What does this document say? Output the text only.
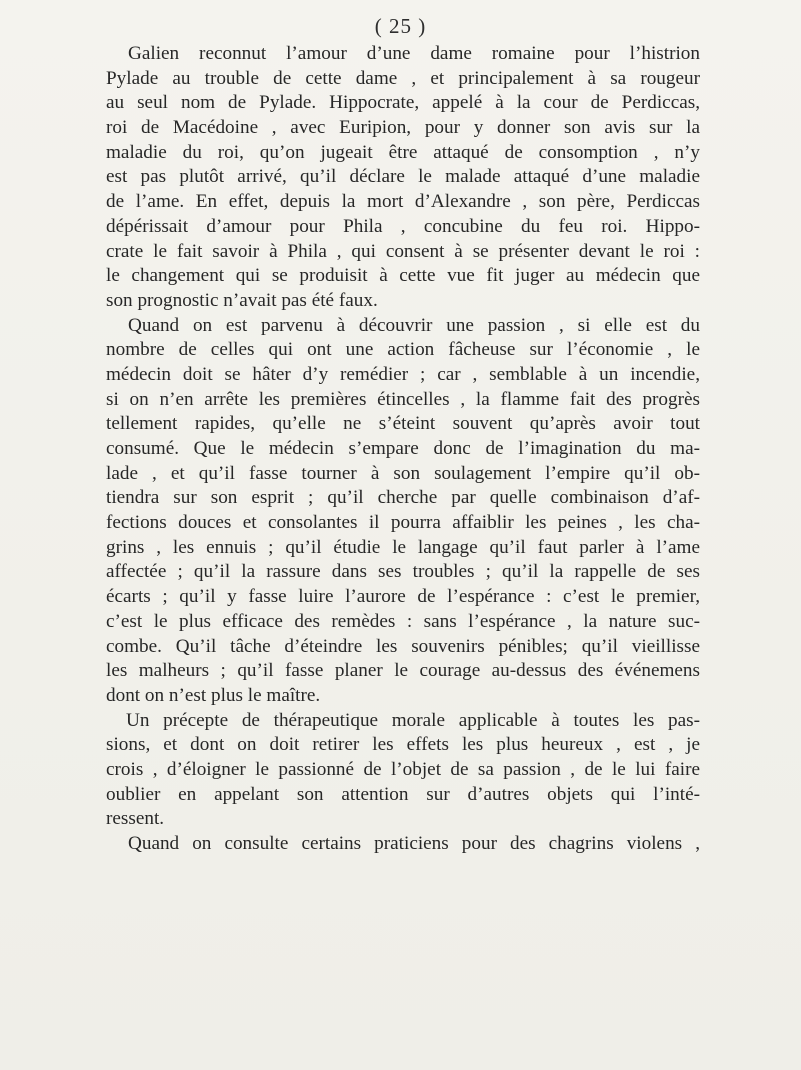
( 25 )
Galien reconnut l’amour d’une dame romaine pour l’histrion
Pylade au trouble de cette dame , et principalement à sa rougeur
au seul nom de Pylade. Hippocrate, appelé à la cour de Perdiccas,
roi de Macédoine , avec Euripion, pour y donner son avis sur la
maladie du roi, qu’on jugeait être attaqué de consomption , n’y
est pas plutôt arrivé, qu’il déclare le malade attaqué d’une maladie
de l’ame. En effet, depuis la mort d’Alexandre , son père, Perdiccas
dépérissait d’amour pour Phila , concubine du feu roi. Hippo-
crate le fait savoir à Phila , qui consent à se présenter devant le roi :
le changement qui se produisit à cette vue fit juger au médecin que
son prognostic n’avait pas été faux.
Quand on est parvenu à découvrir une passion , si elle est du
nombre de celles qui ont une action fâcheuse sur l’économie , le
médecin doit se hâter d’y remédier ; car , semblable à un incendie,
si on n’en arrête les premières étincelles , la flamme fait des progrès
tellement rapides, qu’elle ne s’éteint souvent qu’après avoir tout
consumé. Que le médecin s’empare donc de l’imagination du ma-
lade , et qu’il fasse tourner à son soulagement l’empire qu’il ob-
tiendra sur son esprit ; qu’il cherche par quelle combinaison d’af-
fections douces et consolantes il pourra affaiblir les peines , les cha-
grins , les ennuis ; qu’il étudie le langage qu’il faut parler à l’ame
affectée ; qu’il la rassure dans ses troubles ; qu’il la rappelle de ses
écarts ; qu’il y fasse luire l’aurore de l’espérance : c’est le premier,
c’est le plus efficace des remèdes : sans l’espérance , la nature suc-
combe. Qu’il tâche d’éteindre les souvenirs pénibles; qu’il vieillisse
les malheurs ; qu’il fasse planer le courage au-dessus des événemens
dont on n’est plus le maître.
Un précepte de thérapeutique morale applicable à toutes les pas-
sions, et dont on doit retirer les effets les plus heureux , est , je
crois , d’éloigner le passionné de l’objet de sa passion , de le lui faire
oublier en appelant son attention sur d’autres objets qui l’inté-
ressent.
Quand on consulte certains praticiens pour des chagrins violens ,
